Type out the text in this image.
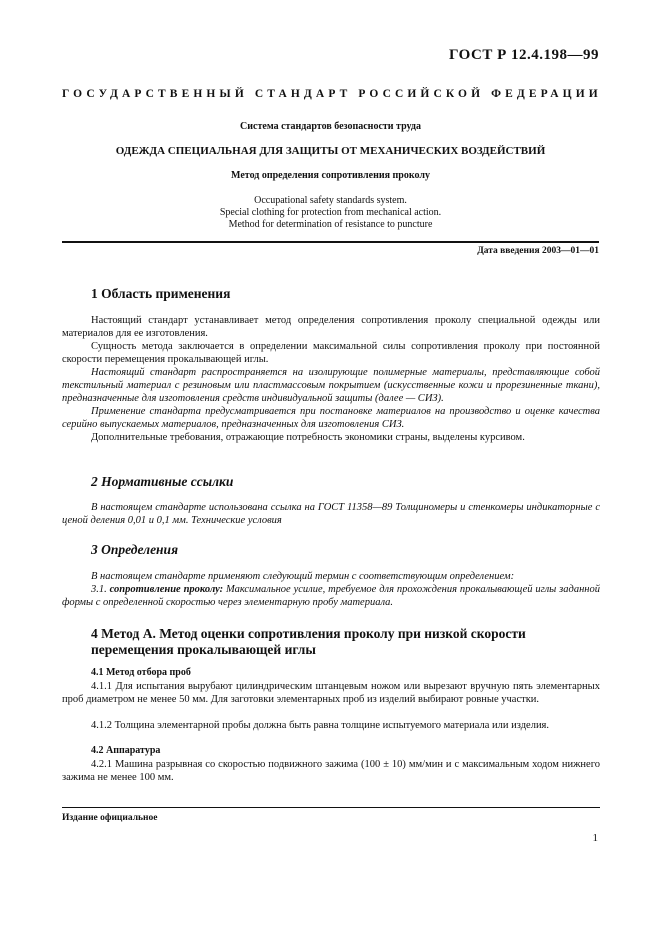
ГОСТ Р 12.4.198—99
ГОСУДАРСТВЕННЫЙ СТАНДАРТ РОССИЙСКОЙ ФЕДЕРАЦИИ
Система стандартов безопасности труда
ОДЕЖДА СПЕЦИАЛЬНАЯ ДЛЯ ЗАЩИТЫ ОТ МЕХАНИЧЕСКИХ ВОЗДЕЙСТВИЙ
Метод определения сопротивления проколу
Occupational safety standards system.
Special clothing for protection from mechanical action.
Method for determination of resistance to puncture
Дата введения 2003—01—01
1 Область применения
Настоящий стандарт устанавливает метод определения сопротивления проколу специальной одежды или материалов для ее изготовления.
Сущность метода заключается в определении максимальной силы сопротивления проколу при постоянной скорости перемещения прокалывающей иглы.
Настоящий стандарт распространяется на изолирующие полимерные материалы, представляющие собой текстильный материал с резиновым или пластмассовым покрытием (искусственные кожи и прорезиненные ткани), предназначенные для изготовления средств индивидуальной защиты (далее — СИЗ).
Применение стандарта предусматривается при постановке материалов на производство и оценке качества серийно выпускаемых материалов, предназначенных для изготовления СИЗ.
Дополнительные требования, отражающие потребность экономики страны, выделены курсивом.
2 Нормативные ссылки
В настоящем стандарте использована ссылка на ГОСТ 11358—89 Толщиномеры и стенкомеры индикаторные с ценой деления 0,01 и 0,1 мм. Технические условия
3 Определения
В настоящем стандарте применяют следующий термин с соответствующим определением:
3.1. сопротивление проколу: Максимальное усилие, требуемое для прохождения прокалывающей иглы заданной формы с определенной скоростью через элементарную пробу материала.
4 Метод А. Метод оценки сопротивления проколу при низкой скорости перемещения прокалывающей иглы
4.1 Метод отбора проб
4.1.1 Для испытания вырубают цилиндрическим штанцевым ножом или вырезают вручную пять элементарных проб диаметром не менее 50 мм. Для заготовки элементарных проб из изделий выбирают ровные участки.
4.1.2 Толщина элементарной пробы должна быть равна толщине испытуемого материала или изделия.
4.2 Аппаратура
4.2.1 Машина разрывная со скоростью подвижного зажима (100 ± 10) мм/мин и с максимальным ходом нижнего зажима не менее 100 мм.
Издание официальное
1
